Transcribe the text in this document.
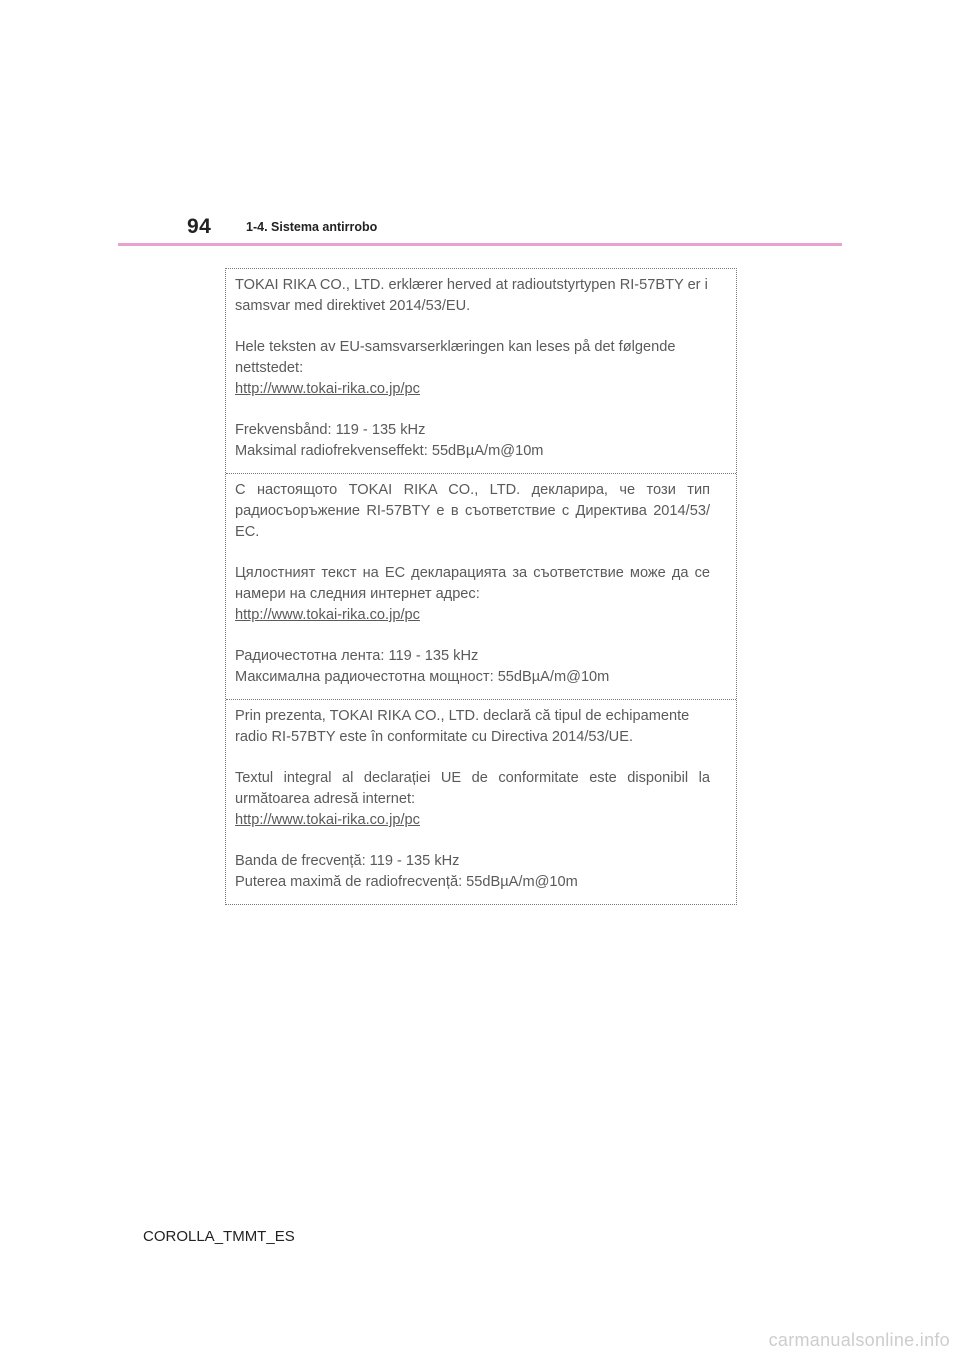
94	1-4. Sistema antirrobo

TOKAI RIKA CO., LTD. erklærer herved at radioutstyrtypen RI-57BTY er i samsvar med direktivet 2014/53/EU.

Hele teksten av EU-samsvarserklæringen kan leses på det følgende nettstedet:

http://www.tokai-rika.co.jp/pc

Frekvensbånd: 119 - 135 kHz

Maksimal radiofrekvenseffekt: 55dBµA/m@10m

С настоящото TOKAI RIKA CO., LTD. декларира, че този тип радиосъоръжение RI-57BTY е в съответствие с Директива 2014/53/ЕС.

Цялостният текст на ЕС декларацията за съответствие може да се намери на следния интернет адрес:

http://www.tokai-rika.co.jp/pc

Радиочестотна лента: 119 - 135 kHz

Максимална радиочестотна мощност: 55dBµA/m@10m

Prin prezenta, TOKAI RIKA CO., LTD. declară că tipul de echipamente radio RI-57BTY este în conformitate cu Directiva 2014/53/UE.

Textul integral al declarației UE de conformitate este disponibil la următoarea adresă internet:

http://www.tokai-rika.co.jp/pc

Banda de frecvență: 119 - 135 kHz

Puterea maximă de radiofrecvență: 55dBµA/m@10m

COROLLA_TMMT_ES
carmanualsonline.info
